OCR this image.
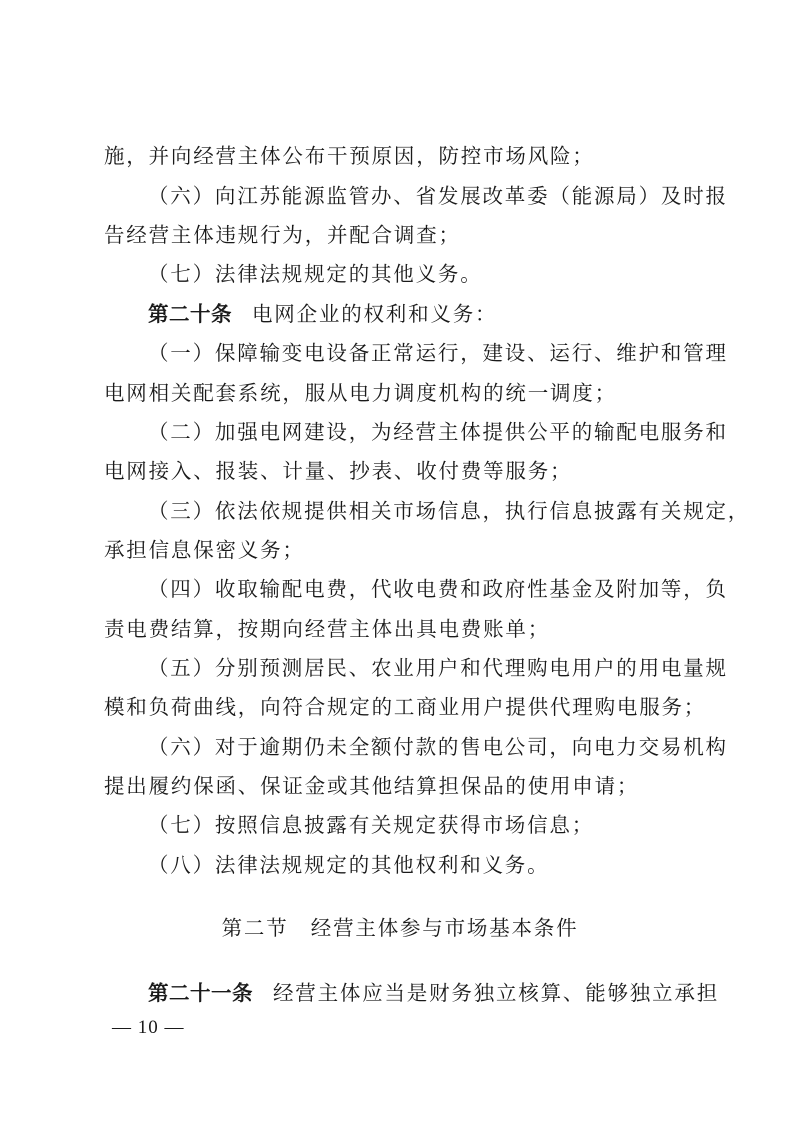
施，并向经营主体公布干预原因，防控市场风险；
（六）向江苏能源监管办、省发展改革委（能源局）及时报
告经营主体违规行为，并配合调查；
（七）法律法规规定的其他义务。
第二十条 电网企业的权利和义务：
（一）保障输变电设备正常运行，建设、运行、维护和管理
电网相关配套系统，服从电力调度机构的统一调度；
（二）加强电网建设，为经营主体提供公平的输配电服务和
电网接入、报装、计量、抄表、收付费等服务；
（三）依法依规提供相关市场信息，执行信息披露有关规定，
承担信息保密义务；
（四）收取输配电费，代收电费和政府性基金及附加等，负
责电费结算，按期向经营主体出具电费账单；
（五）分别预测居民、农业用户和代理购电用户的用电量规
模和负荷曲线，向符合规定的工商业用户提供代理购电服务；
（六）对于逾期仍未全额付款的售电公司，向电力交易机构
提出履约保函、保证金或其他结算担保品的使用申请；
（七）按照信息披露有关规定获得市场信息；
（八）法律法规规定的其他权利和义务。
第二节　经营主体参与市场基本条件
第二十一条 经营主体应当是财务独立核算、能够独立承担
— 10 —
